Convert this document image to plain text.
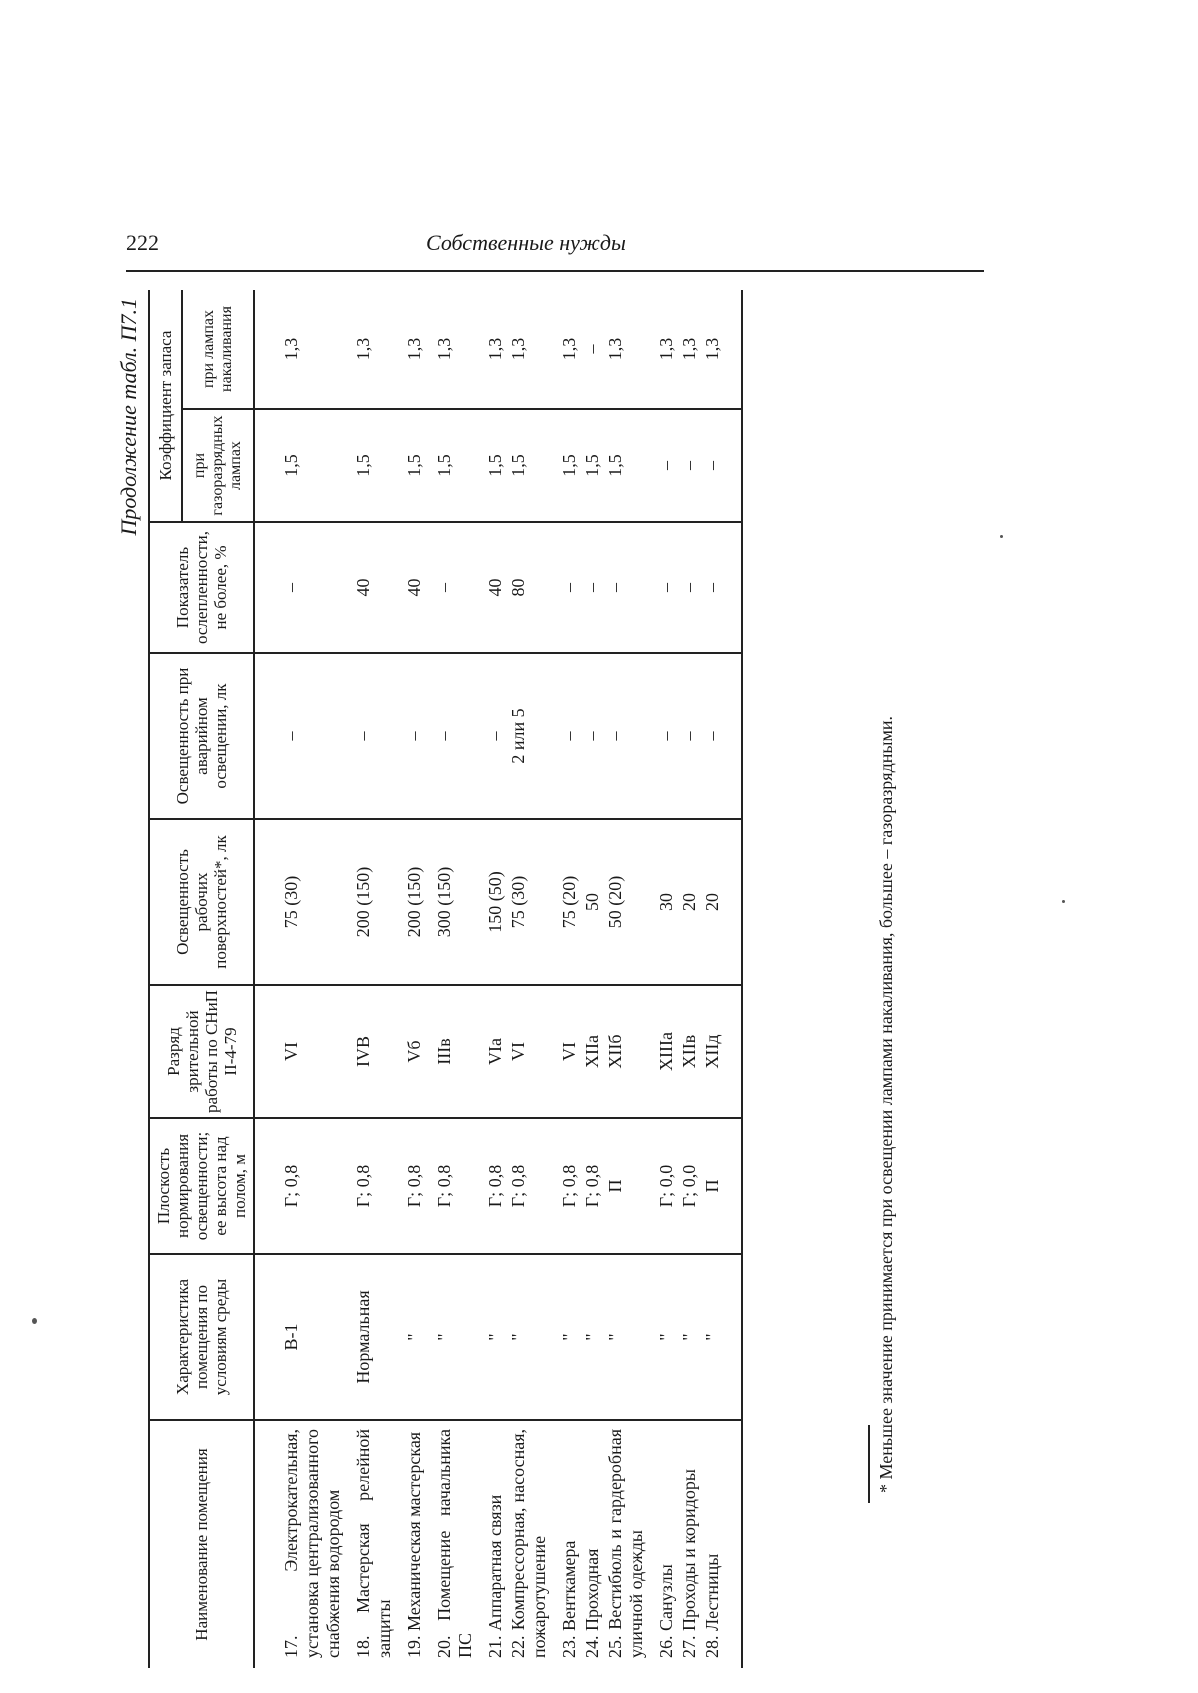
222	Собственные нужды
Продолжение табл. П7.1
Наименование помещения	Характеристика помещения по условиям среды	Плоскость нормирования освещенности; ее высота над полом, м	Разряд зрительной работы по СНиП II-4-79	Освещенность рабочих поверхностей*, лк	Освещенность при аварийном освещении, лк	Показатель ослепленности, не более, %	Коэффициент запаса	
							при газоразрядных лампах	при лампах накаливания
17. Электрокательная, установка централизованного снабжения водородом	В-1	Г; 0,8	VI	75 (30)	–	–	1,5	1,3
18. Мастерская релейной защиты	Нормальная	Г; 0,8	IVВ	200 (150)	–	40	1,5	1,3
19. Механическая мастерская	"	Г; 0,8	Vб	200 (150)	–	40	1,5	1,3
20. Помещение начальника ПС	"	Г; 0,8	IIIв	300 (150)	–	–	1,5	1,3
21. Аппаратная связи	"	Г; 0,8	VIа	150 (50)	–	40	1,5	1,3
22. Компрессорная, насосная, пожаротушение	"	Г; 0,8	VI	75 (30)	2 или 5	80	1,5	1,3
23. Венткамера	"	Г; 0,8	VI	75 (20)	–	–	1,5	1,3
24. Проходная	"	Г; 0,8	XIIа	50	–	–	1,5	–
25. Вестибюль и гардеробная уличной одежды	"	П	XIIб	50 (20)	–	–	1,5	1,3
26. Санузлы	"	Г; 0,0	XIIIа	30	–	–	–	1,3
27. Проходы и коридоры	"	Г; 0,0	XIIв	20	–	–	–	1,3
28. Лестницы	"	П	XIIд	20	–	–	–	1,3
* Меньшее значение принимается при освещении лампами накаливания, большее – газоразрядными.
